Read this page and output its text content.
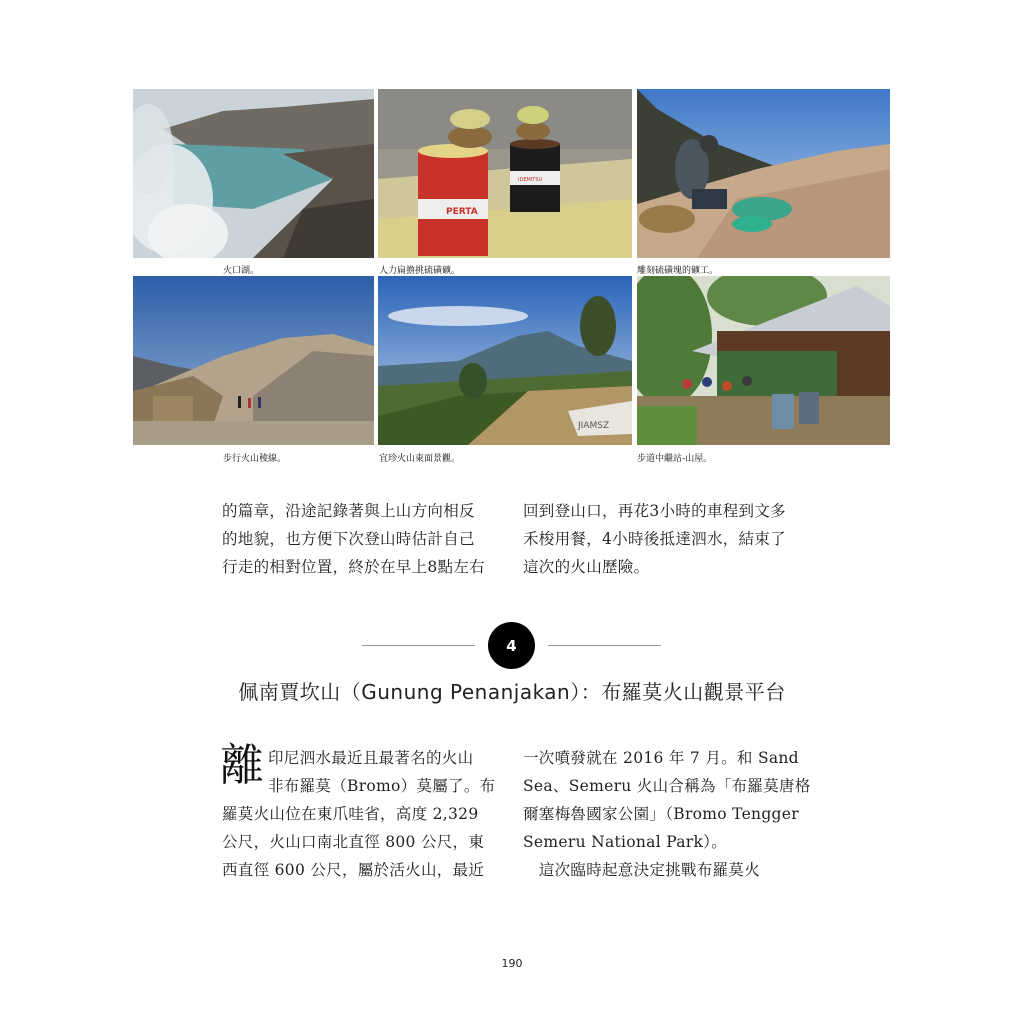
火口湖。
PERTA
IDEMITSU
人力扁擔挑硫磺礦。	雕刻硫磺塊的礦工。
步行火山稜線。
JIAMSZ
宜珍火山東面景觀。	步道中繼站-山屋。
的篇章，沿途記錄著與上山方向相反
的地貌，也方便下次登山時估計自己
行走的相對位置，終於在早上8點左右
回到登山口，再花3小時的車程到文多
禾梭用餐，4小時後抵達泗水，結束了
這次的火山歷險。
4
佩南賈坎山（Gunung Penanjakan）：布羅莫火山觀景平台
離 印尼泗水最近且最著名的火山
非布羅莫（Bromo）莫屬了。布
羅莫火山位在東爪哇省，高度 2,329
公尺，火山口南北直徑 800 公尺，東
西直徑 600 公尺，屬於活火山，最近
一次噴發就在 2016 年 7 月。和 Sand
Sea、Semeru 火山合稱為「布羅莫唐格
爾塞梅魯國家公園」（Bromo Tengger
Semeru National Park）。
　這次臨時起意決定挑戰布羅莫火
190
